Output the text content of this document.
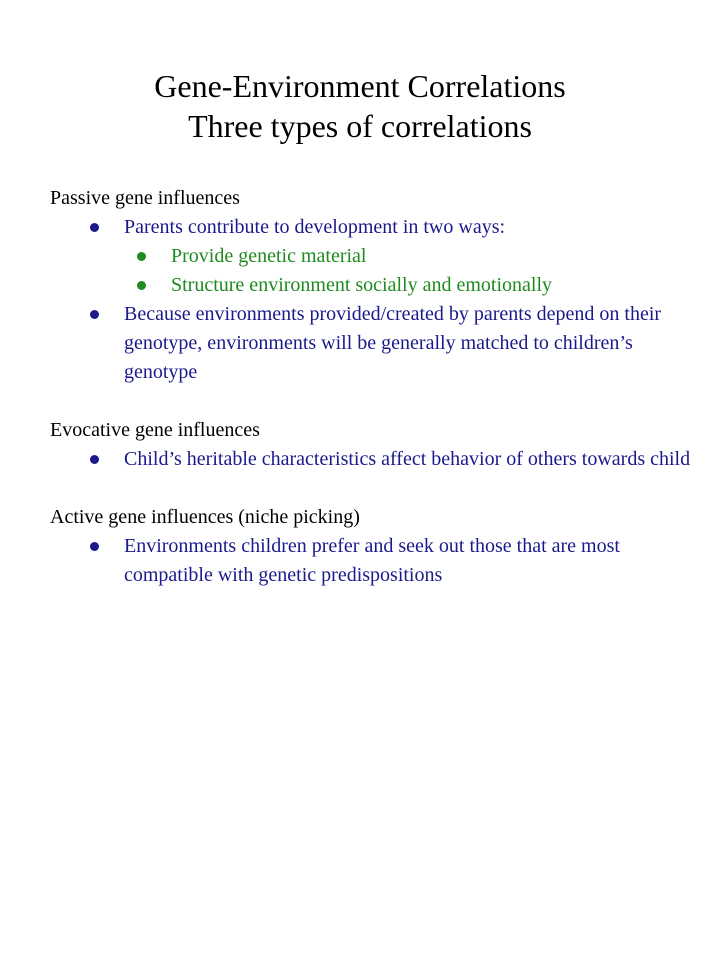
Gene-Environment Correlations
Three types of correlations
Passive gene influences
Parents contribute to development in two ways:
Provide genetic material
Structure environment socially and emotionally
Because environments provided/created by parents depend on their genotype, environments will be generally matched to children’s genotype
Evocative gene influences
Child’s heritable characteristics affect behavior of others towards child
Active gene influences (niche picking)
Environments children prefer and seek out those that are most compatible with genetic predispositions
